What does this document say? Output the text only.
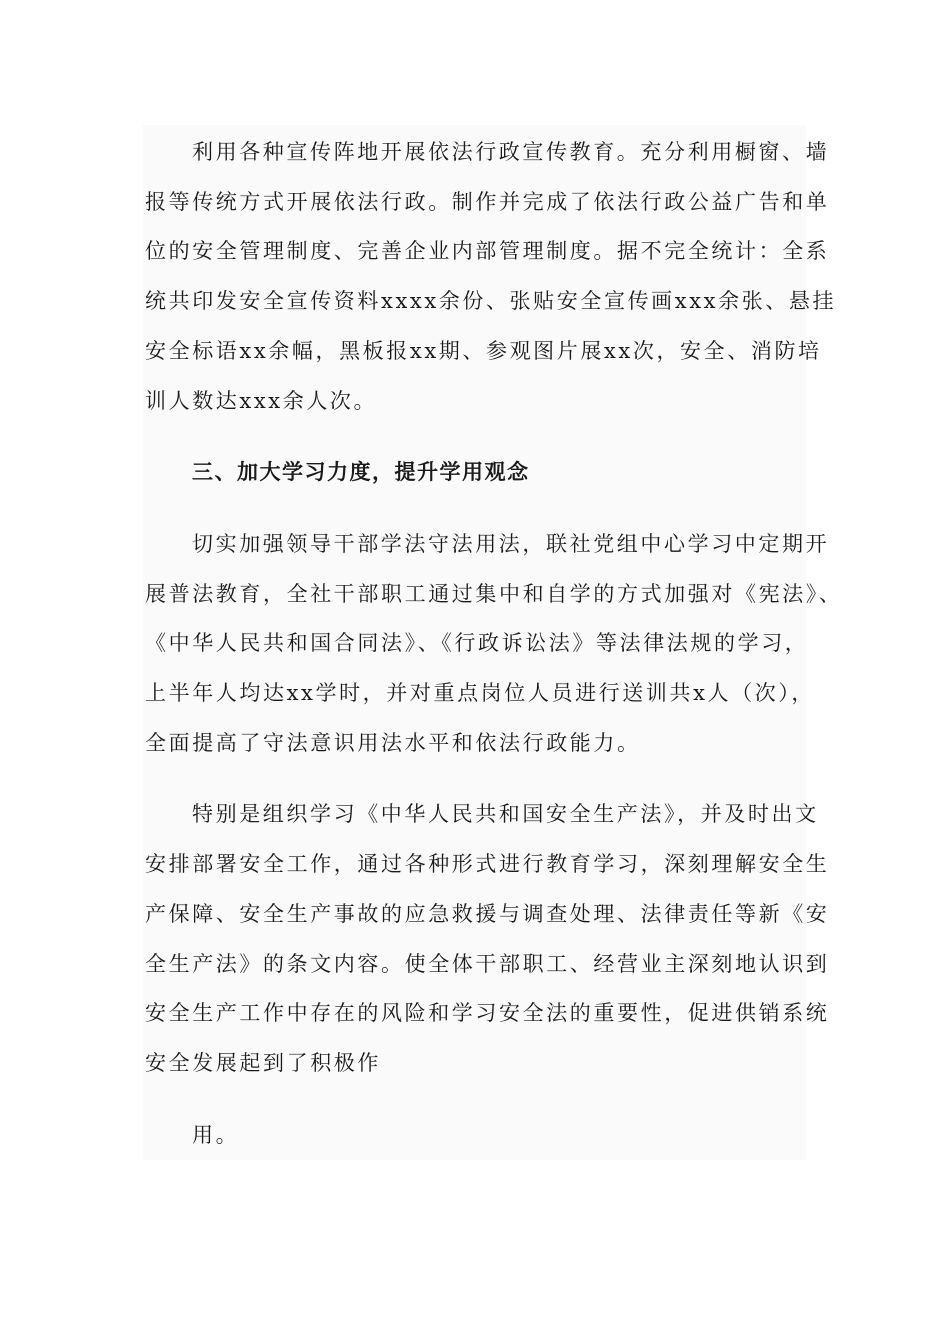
利用各种宣传阵地开展依法行政宣传教育。充分利用橱窗、墙
报等传统方式开展依法行政。制作并完成了依法行政公益广告和单
位的安全管理制度、完善企业内部管理制度。据不完全统计：全系
统共印发安全宣传资料xxxx余份、张贴安全宣传画xxx余张、悬挂
安全标语xx余幅，黑板报xx期、参观图片展xx次，安全、消防培
训人数达xxx余人次。
三、加大学习力度，提升学用观念
切实加强领导干部学法守法用法，联社党组中心学习中定期开
展普法教育，全社干部职工通过集中和自学的方式加强对《宪法》、
《中华人民共和国合同法》、《行政诉讼法》等法律法规的学习，
上半年人均达xx学时，并对重点岗位人员进行送训共x人（次），
全面提高了守法意识用法水平和依法行政能力。
特别是组织学习《中华人民共和国安全生产法》，并及时出文
安排部署安全工作，通过各种形式进行教育学习，深刻理解安全生
产保障、安全生产事故的应急救援与调查处理、法律责任等新《安
全生产法》的条文内容。使全体干部职工、经营业主深刻地认识到
安全生产工作中存在的风险和学习安全法的重要性，促进供销系统
安全发展起到了积极作
用。
